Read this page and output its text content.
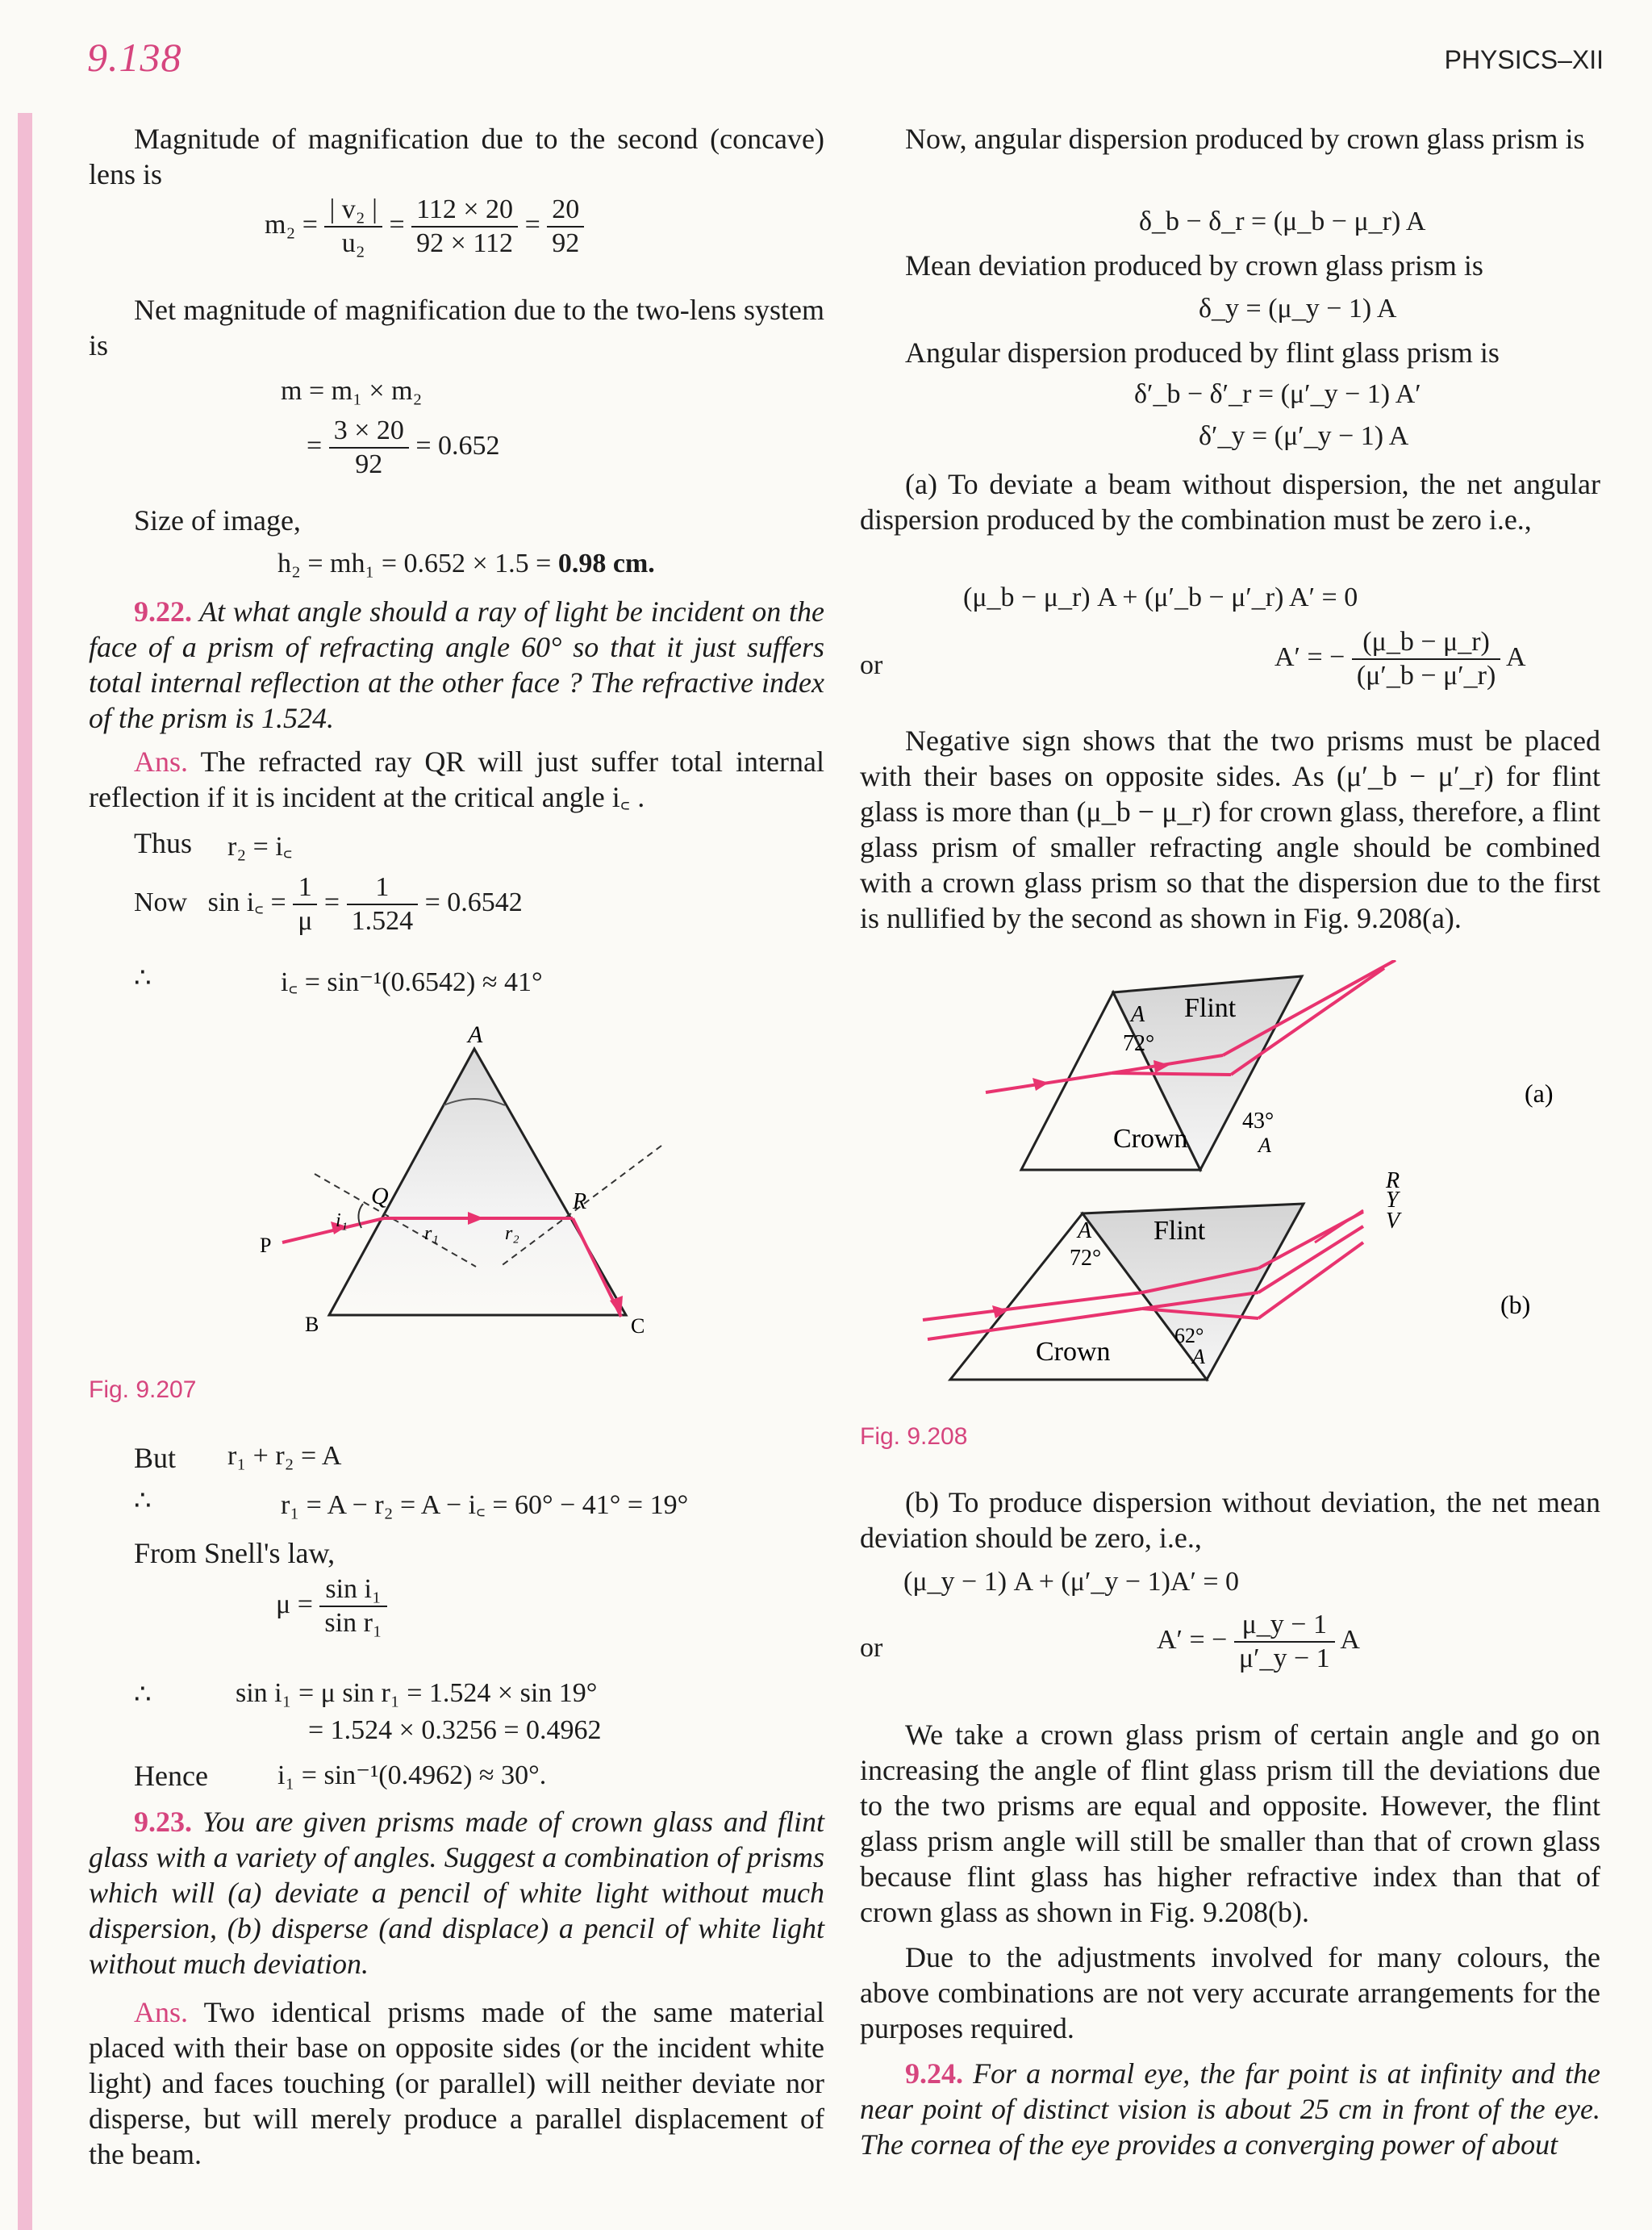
9.138	PHYSICS–XII

Magnitude of magnification due to the second (concave) lens is

$m_2 = \frac{\text{| v₂ |}}{\text{u₂}} = \frac{112 \times 20}{92 \times 112} = \frac{20}{92}$

Net magnitude of magnification due to the two-lens system is

m = m₁ × m₂
= $\frac{3 \times 20}{92} = 0.652$
Size of image,
h₂ = mh₁ = 0.652 × 1.5 = 0.98 cm.

9.22. At what angle should a ray of light be incident on the face of a prism of refracting angle 60° so that it just suffers total internal reflection at the other face ? The refractive index of the prism is 1.524.

Ans. The refracted ray QR will just suffer total internal reflection if it is incident at the critical angle i꜀ .

Thus r₂ = i꜀
Now sin i꜀ = $\frac{1}{\mu} = \frac{1}{1.524} = 0.6542$
∴	i꜀ = sin⁻¹(0.6542) ≈ 41°
A
B	C
P
Q	R
i₁
r₁	r₂
Fig. 9.207
But r₁ + r₂ = A
∴	r₁ = A − r₂ = A − i꜀ = 60° − 41° = 19°
From Snell's law,
$\mu = \frac{\text{sin i₁}}{\text{sin r₁}}$
∴	sin i₁ = μ sin r₁ = 1.524 × sin 19°
= 1.524 × 0.3256 = 0.4962
Hence	i₁ = sin⁻¹(0.4962) ≈ 30°.

9.23. You are given prisms made of crown glass and flint glass with a variety of angles. Suggest a combination of prisms which will (a) deviate a pencil of white light without much dispersion, (b) disperse (and displace) a pencil of white light without much deviation.

Ans. Two identical prisms made of the same material placed with their base on opposite sides (or the incident white light) and faces touching (or parallel) will neither deviate nor disperse, but will merely produce a parallel displacement of the beam.

Now, angular dispersion produced by crown glass prism is

δ_b − δ_r = (μ_b − μ_r) A
Mean deviation produced by crown glass prism is
δ_y = (μ_y − 1) A
Angular dispersion produced by flint glass prism is
δ′_b − δ′_r = (μ′_y − 1) A′
δ′_y = (μ′_y − 1) A

(a) To deviate a beam without dispersion, the net angular dispersion produced by the combination must be zero i.e.,

(μ_b − μ_r) A + (μ′_b − μ′_r) A′ = 0
or	A′ = − $\frac{(\mu\_b - \mu\_r)}{(\mu'\_b - \mu'\_r)}$ A

Negative sign shows that the two prisms must be placed with their bases on opposite sides. As (μ′_b − μ′_r) for flint glass is more than (μ_b − μ_r) for crown glass, therefore, a flint glass prism of smaller refracting angle should be combined with a crown glass prism so that the dispersion due to the first is nullified by the second as shown in Fig. 9.208(a).

Flint
Crown
A
72°
43°
A
(a)
Flint
Crown
A
72°
62°
A
R
Y
V
(b)
Fig. 9.208

(b) To produce dispersion without deviation, the net mean deviation should be zero, i.e.,

(μ_y − 1) A + (μ′_y − 1)A′ = 0
or	A′ = − $\frac{\mu\_y - 1}{\mu'\_y - 1}$ A

We take a crown glass prism of certain angle and go on increasing the angle of flint glass prism till the deviations due to the two prisms are equal and opposite. However, the flint glass prism angle will still be smaller than that of crown glass because flint glass has higher refractive index than that of crown glass as shown in Fig. 9.208(b).

Due to the adjustments involved for many colours, the above combinations are not very accurate arrangements for the purposes required.

9.24. For a normal eye, the far point is at infinity and the near point of distinct vision is about 25 cm in front of the eye. The cornea of the eye provides a converging power of about
